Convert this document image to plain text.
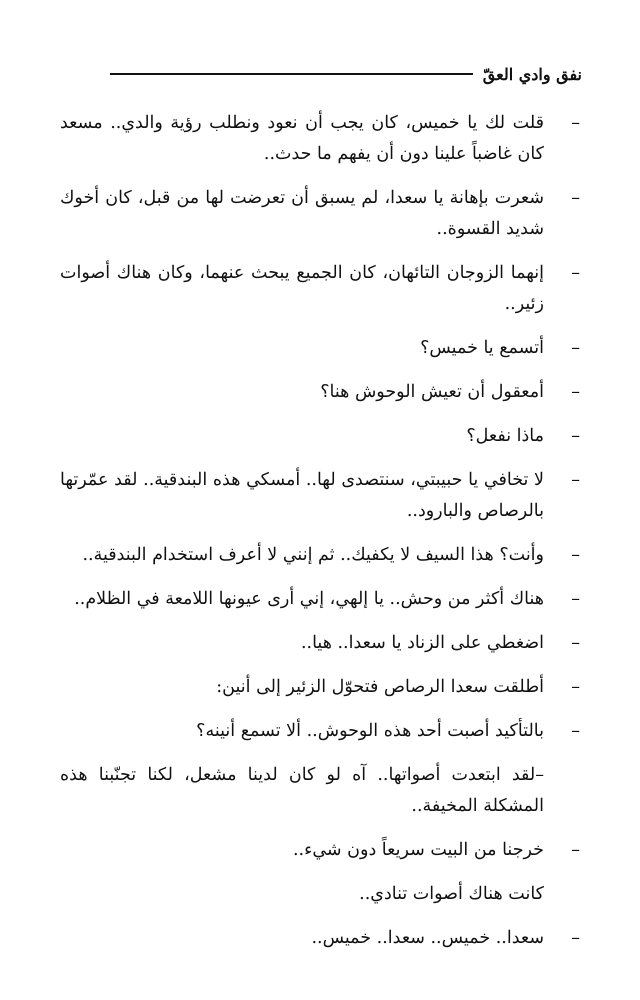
نفق وادي العقّ
–
قلت لك يا خميس، كان يجب أن نعود ونطلب رؤية والدي.. مسعد كان غاضباً علينا دون أن يفهم ما حدث..
–
شعرت بإهانة يا سعدا، لم يسبق أن تعرضت لها من قبل، كان أخوك شديد القسوة..
–
إنهما الزوجان التائهان، كان الجميع يبحث عنهما، وكان هناك أصوات زئير..
–
أتسمع يا خميس؟
–
أمعقول أن تعيش الوحوش هنا؟
–
ماذا نفعل؟
–
لا تخافي يا حبيبتي، سنتصدى لها.. أمسكي هذه البندقية.. لقد عمّرتها بالرصاص والبارود..
–
وأنت؟ هذا السيف لا يكفيك.. ثم إنني لا أعرف استخدام البندقية..
–
هناك أكثر من وحش.. يا إلهي، إني أرى عيونها اللامعة في الظلام..
–
اضغطي على الزناد يا سعدا.. هيا..
–
أطلقت سعدا الرصاص فتحوّل الزئير إلى أنين:
–
بالتأكيد أصبت أحد هذه الوحوش.. ألا تسمع أنينه؟
–لقد ابتعدت أصواتها.. آه لو كان لدينا مشعل، لكنا تجنّبنا هذه المشكلة المخيفة..
–
خرجنا من البيت سريعاً دون شيء..
كانت هناك أصوات تنادي..
–
سعدا.. خميس.. سعدا.. خميس..
